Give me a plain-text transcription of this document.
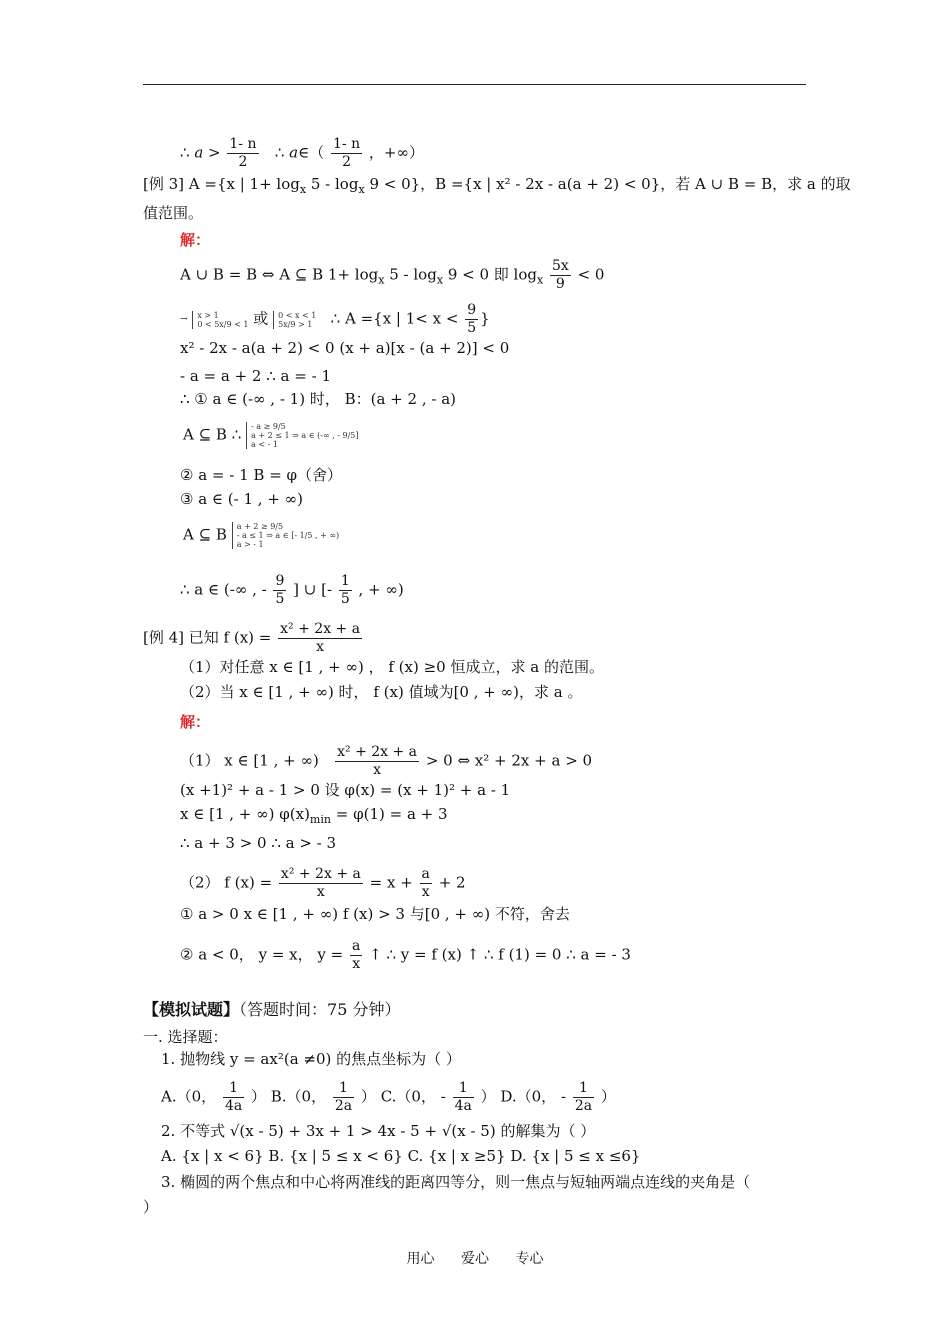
∴ $a > \frac{1- n}{2}$ ∴ a∈（ $\frac{1- n}{2}$ ，+∞）
[例 3] A ={x | $1+ \log_x 5 - \log_x 9 < 0$}，B ={x | x² - 2x - a(a + 2) < 0}，若 A ∪ B = B，求 a 的取
值范围。
解：
A ∪ B = B ⇔ A ⊆ B $1+ \log_x 5 - \log_x 9 < 0$ 即 $\log_x \frac{5x}{9} < 0$
→ x > 1
0 < 5x/9 < 1 或 0 < x < 1
5x/9 > 1 ∴ A ={x | $1< x < \frac{9}{5}$ }
x² - 2x - a(a + 2) < 0 (x + a)[x - (a + 2)] < 0
- a = a + 2 ∴ a = - 1
∴ ① a ∈ (-∞ , - 1) 时， B：(a + 2 , - a)
A ⊆ B ∴ - a ≥ 9/5
a + 2 ≤ 1 ⇒ a ∈ (-∞ , - 9/5]
a < - 1
② a = - 1 B = φ（舍）
③ a ∈ (- 1 , + ∞)
A ⊆ B a + 2 ≥ 9/5
- a ≤ 1 ⇒ a ∈ [- 1/5 , + ∞)
a > - 1
∴ a ∈ (-∞ , - $\frac{9}{5}$ ] ∪ [- $\frac{1}{5}$ , + ∞)
[例 4] 已知 f $(x) = \frac{\text{x² + 2x + a}}{x}$
（1）对任意 x ∈ [1 , + ∞) ， f (x) ≥0 恒成立，求 a 的范围。
（2）当 x ∈ [1 , + ∞) 时， f (x) 值域为[0 , + ∞)，求 a 。
解：
（1） x ∈ [1 , + ∞) $\frac{\text{x² + 2x + a}}{x} > 0$ ⇔ x² + 2x + a > 0
(x +1)² + a - 1 > 0 设 φ(x) = (x + 1)² + a - 1
x ∈ [1 , + ∞) $\varphi(x)_{min} = \varphi(1) = a + 3$
∴ a + 3 > 0 ∴ a > - 3
（2） f $(x) = \frac{\text{x² + 2x + a}}{x} = x + \frac{a}{x} + 2$
① a > 0 x ∈ [1 , + ∞) f (x) > 3 与[0 , + ∞) 不符，舍去
② a < 0， y = x， $y = \frac{a}{x}$ ↑ ∴ y = f (x) ↑ ∴ f (1) = 0 ∴ a = - 3
【模拟试题】（答题时间：75 分钟）
一. 选择题：
1. 抛物线 y = ax²(a ≠0) 的焦点坐标为（ ）
A.（0， $\frac{1}{4a}$ ） B.（0， $\frac{1}{2a}$ ） C.（0， - $\frac{1}{4a}$ ） D.（0， - $\frac{1}{2a}$ ）
2. 不等式 √(x - 5) + 3x + 1 > 4x - 5 + √(x - 5) 的解集为（ ）
A. {x | x < 6} B. {x | 5 ≤ x < 6} C. {x | x ≥5} D. {x | 5 ≤ x ≤6}
3. 椭圆的两个焦点和中心将两准线的距离四等分，则一焦点与短轴两端点连线的夹角是（
）
用心 爱心 专心
